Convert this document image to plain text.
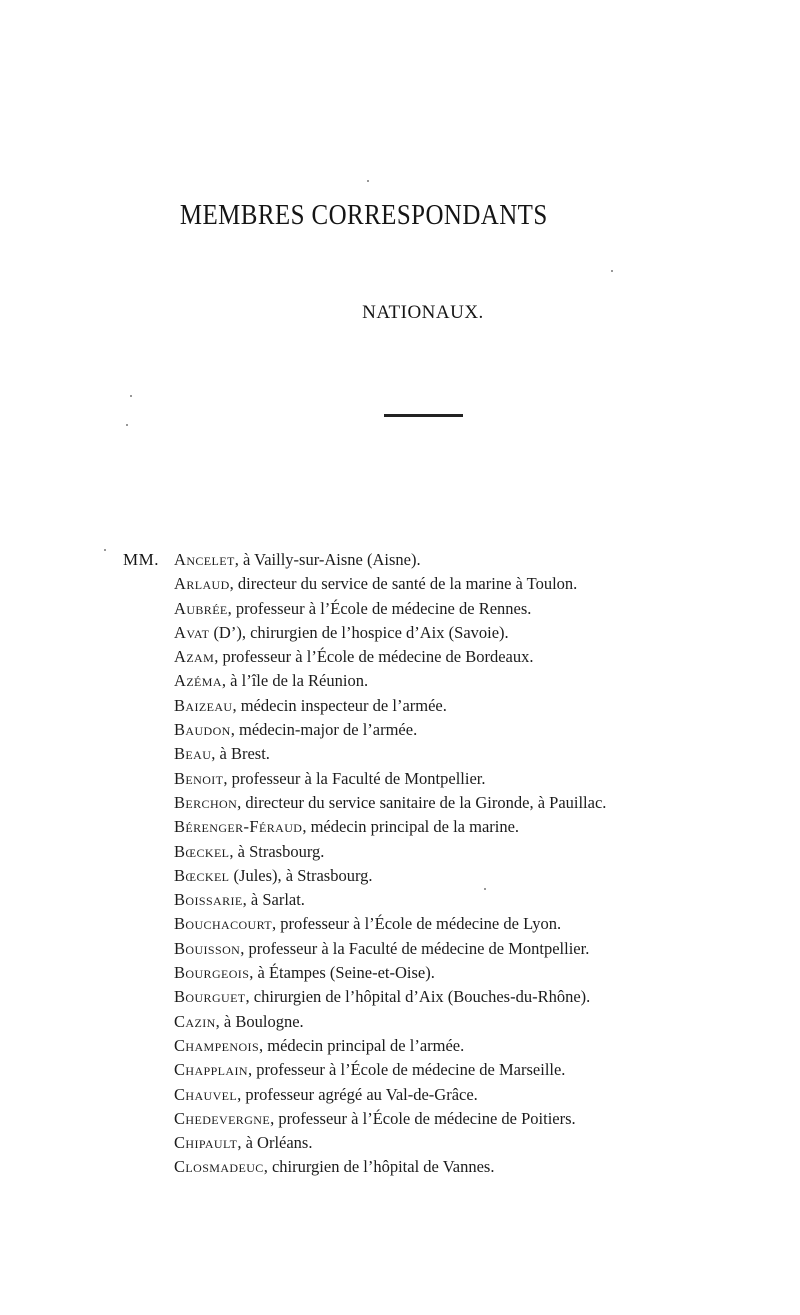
MEMBRES CORRESPONDANTS
NATIONAUX.
MM. Ancelet, à Vailly-sur-Aisne (Aisne).
Arlaud, directeur du service de santé de la marine à Toulon.
Aubrée, professeur à l’École de médecine de Rennes.
Avat (D’), chirurgien de l’hospice d’Aix (Savoie).
Azam, professeur à l’École de médecine de Bordeaux.
Azéma, à l’île de la Réunion.
Baizeau, médecin inspecteur de l’armée.
Baudon, médecin-major de l’armée.
Beau, à Brest.
Benoit, professeur à la Faculté de Montpellier.
Berchon, directeur du service sanitaire de la Gironde, à Pauillac.
Bérenger-Féraud, médecin principal de la marine.
Bœckel, à Strasbourg.
Bœckel (Jules), à Strasbourg.
Boissarie, à Sarlat.
Bouchacourt, professeur à l’École de médecine de Lyon.
Bouisson, professeur à la Faculté de médecine de Montpellier.
Bourgeois, à Étampes (Seine-et-Oise).
Bourguet, chirurgien de l’hôpital d’Aix (Bouches-du-Rhône).
Cazin, à Boulogne.
Champenois, médecin principal de l’armée.
Chapplain, professeur à l’École de médecine de Marseille.
Chauvel, professeur agrégé au Val-de-Grâce.
Chedevergne, professeur à l’École de médecine de Poitiers.
Chipault, à Orléans.
Closmadeuc, chirurgien de l’hôpital de Vannes.
